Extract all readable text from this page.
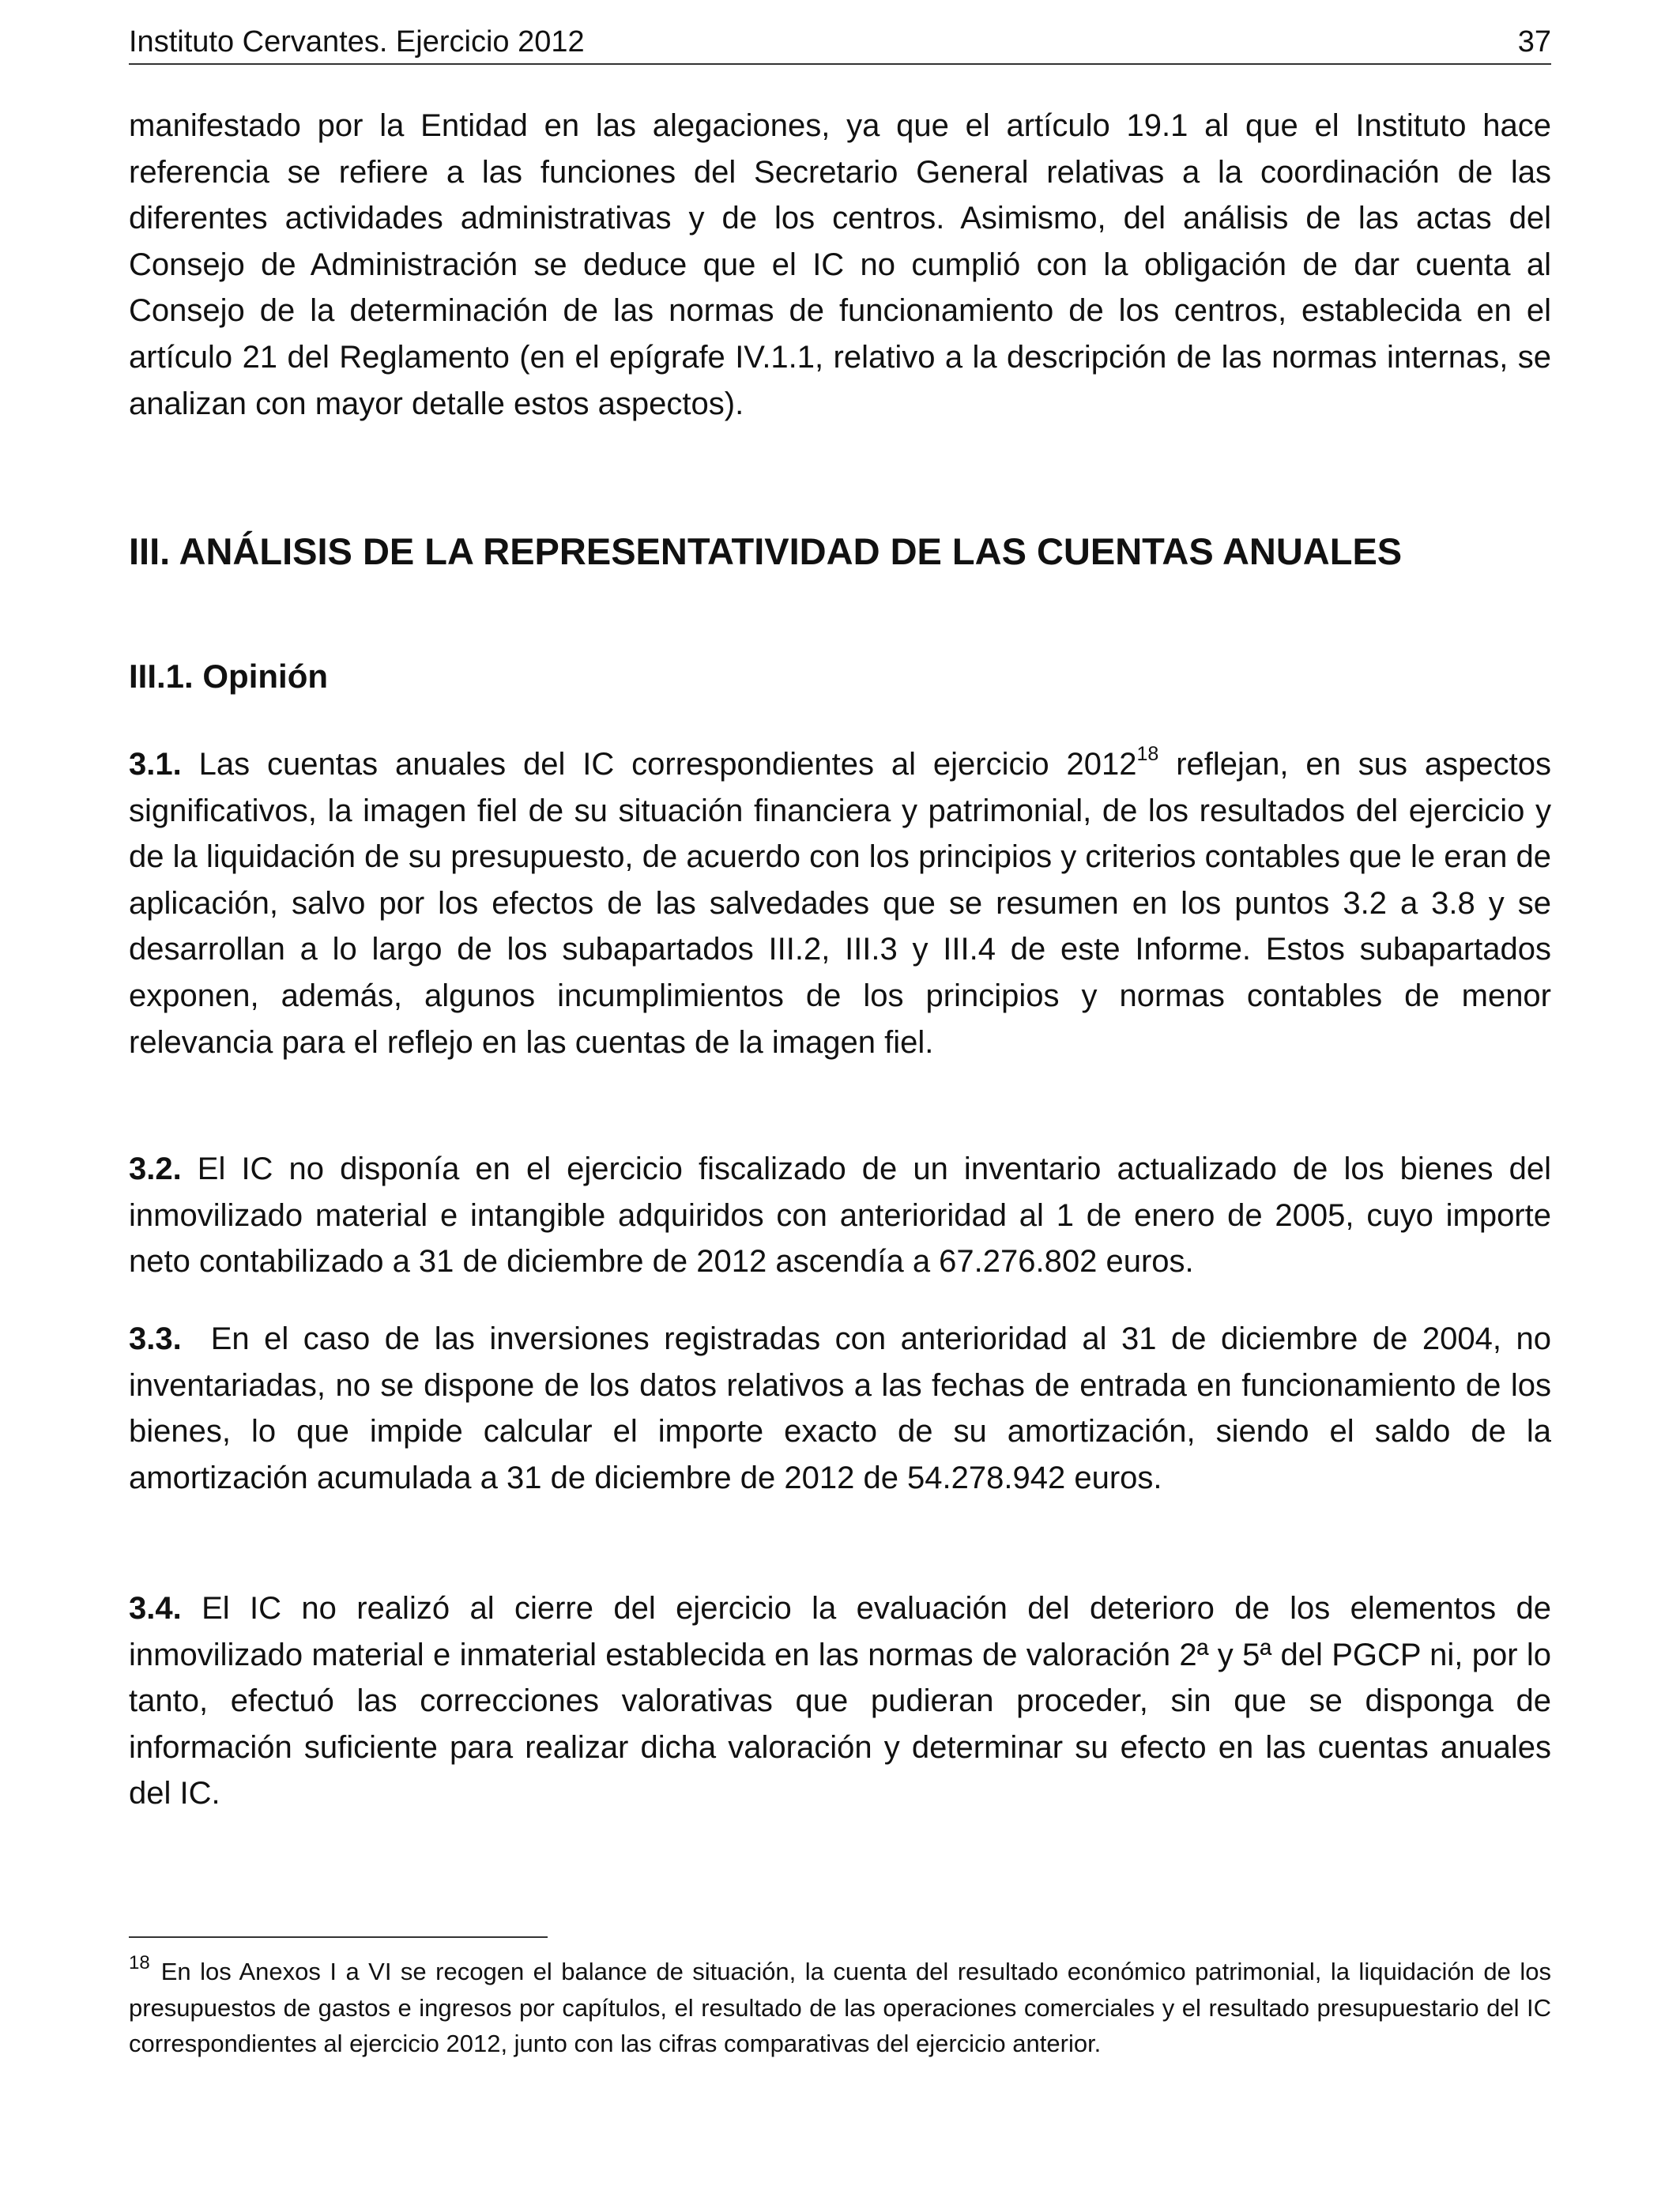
Instituto Cervantes. Ejercicio 2012	37

manifestado por la Entidad en las alegaciones, ya que el artículo 19.1 al que el Instituto hace referencia se refiere a las funciones del Secretario General relativas a la coordinación de las diferentes actividades administrativas y de los centros. Asimismo, del análisis de las actas del Consejo de Administración se deduce que el IC no cumplió con la obligación de dar cuenta al Consejo de la determinación de las normas de funcionamiento de los centros, establecida en el artículo 21 del Reglamento (en el epígrafe IV.1.1, relativo a la descripción de las normas internas, se analizan con mayor detalle estos aspectos).

III. ANÁLISIS DE LA REPRESENTATIVIDAD DE LAS CUENTAS ANUALES
III.1. Opinión

3.1. Las cuentas anuales del IC correspondientes al ejercicio 2012$^{18}$ reflejan, en sus aspectos significativos, la imagen fiel de su situación financiera y patrimonial, de los resultados del ejercicio y de la liquidación de su presupuesto, de acuerdo con los principios y criterios contables que le eran de aplicación, salvo por los efectos de las salvedades que se resumen en los puntos 3.2 a 3.8 y se desarrollan a lo largo de los subapartados III.2, III.3 y III.4 de este Informe. Estos subapartados exponen, además, algunos incumplimientos de los principios y normas contables de menor relevancia para el reflejo en las cuentas de la imagen fiel.

3.2. El IC no disponía en el ejercicio fiscalizado de un inventario actualizado de los bienes del inmovilizado material e intangible adquiridos con anterioridad al 1 de enero de 2005, cuyo importe neto contabilizado a 31 de diciembre de 2012 ascendía a 67.276.802 euros.

3.3. En el caso de las inversiones registradas con anterioridad al 31 de diciembre de 2004, no inventariadas, no se dispone de los datos relativos a las fechas de entrada en funcionamiento de los bienes, lo que impide calcular el importe exacto de su amortización, siendo el saldo de la amortización acumulada a 31 de diciembre de 2012 de 54.278.942 euros.

3.4. El IC no realizó al cierre del ejercicio la evaluación del deterioro de los elementos de inmovilizado material e inmaterial establecida en las normas de valoración 2ª y 5ª del PGCP ni, por lo tanto, efectuó las correcciones valorativas que pudieran proceder, sin que se disponga de información suficiente para realizar dicha valoración y determinar su efecto en las cuentas anuales del IC.

$^{18}$ En los Anexos I a VI se recogen el balance de situación, la cuenta del resultado económico patrimonial, la liquidación de los presupuestos de gastos e ingresos por capítulos, el resultado de las operaciones comerciales y el resultado presupuestario del IC correspondientes al ejercicio 2012, junto con las cifras comparativas del ejercicio anterior.
